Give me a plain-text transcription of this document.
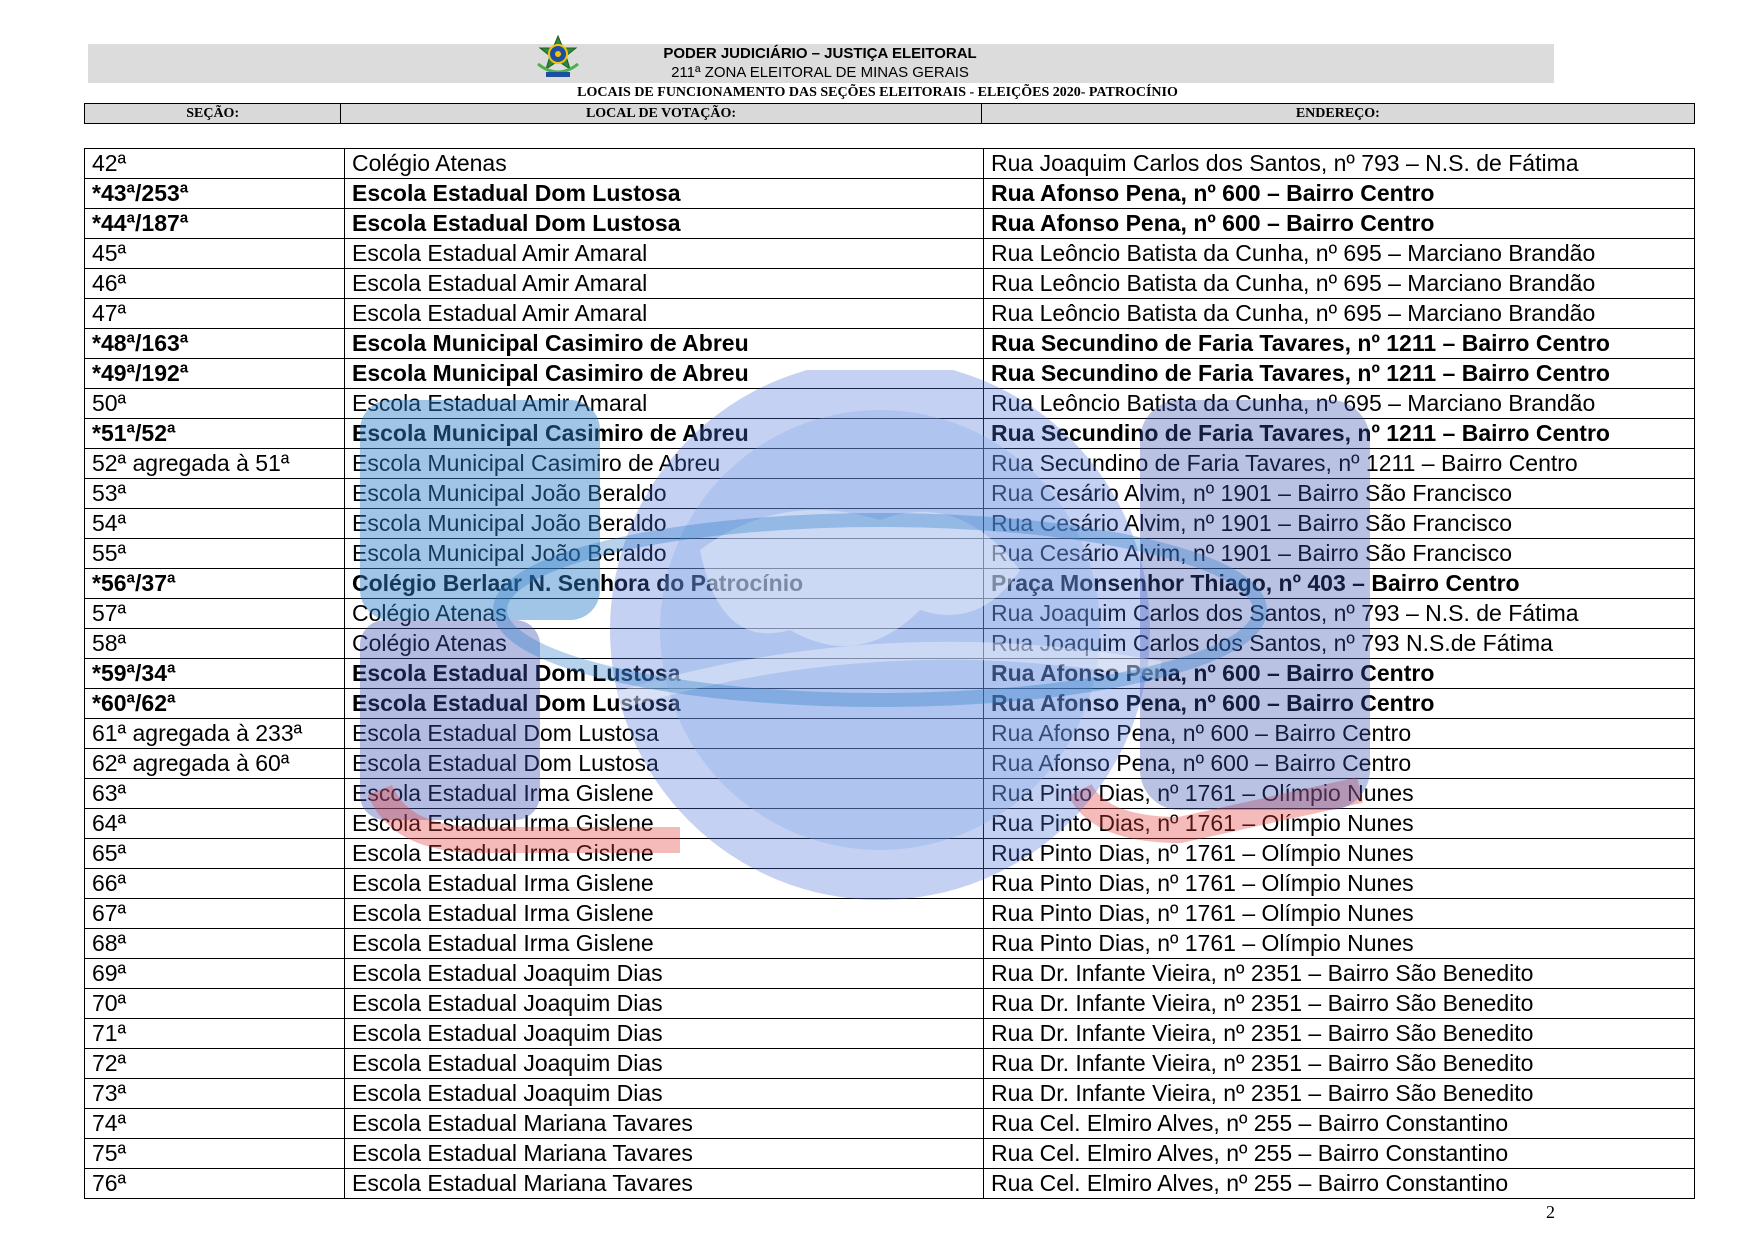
PODER JUDICIÁRIO – JUSTIÇA ELEITORAL
211ª ZONA ELEITORAL DE MINAS GERAIS
LOCAIS DE FUNCIONAMENTO DAS SEÇÕES ELEITORAIS - ELEIÇÕES 2020- PATROCÍNIO
SEÇÃO:	LOCAL DE VOTAÇÃO:	ENDEREÇO:
42ª	Colégio Atenas	Rua Joaquim Carlos dos Santos, nº 793 – N.S. de Fátima
*43ª/253ª	Escola Estadual Dom Lustosa	Rua Afonso Pena, nº 600 – Bairro Centro
*44ª/187ª	Escola Estadual Dom Lustosa	Rua Afonso Pena, nº 600 – Bairro Centro
45ª	Escola Estadual Amir Amaral	Rua Leôncio Batista da Cunha, nº 695 – Marciano Brandão
46ª	Escola Estadual Amir Amaral	Rua Leôncio Batista da Cunha, nº 695 – Marciano Brandão
47ª	Escola Estadual Amir Amaral	Rua Leôncio Batista da Cunha, nº 695 – Marciano Brandão
*48ª/163ª	Escola Municipal Casimiro de Abreu	Rua Secundino de Faria Tavares, nº 1211 – Bairro Centro
*49ª/192ª	Escola Municipal Casimiro de Abreu	Rua Secundino de Faria Tavares, nº 1211 – Bairro Centro
50ª	Escola Estadual Amir Amaral	Rua Leôncio Batista da Cunha, nº 695 – Marciano Brandão
*51ª/52ª	Escola Municipal Casimiro de Abreu	Rua Secundino de Faria Tavares, nº 1211 – Bairro Centro
52ª agregada à 51ª	Escola Municipal Casimiro de Abreu	Rua Secundino de Faria Tavares, nº 1211 – Bairro Centro
53ª	Escola Municipal João Beraldo	Rua Cesário Alvim, nº 1901 – Bairro São Francisco
54ª	Escola Municipal João Beraldo	Rua Cesário Alvim, nº 1901 – Bairro São Francisco
55ª	Escola Municipal João Beraldo	Rua Cesário Alvim, nº 1901 – Bairro São Francisco
*56ª/37ª	Colégio Berlaar N. Senhora do Patrocínio	Praça Monsenhor Thiago, nº 403 – Bairro Centro
57ª	Colégio Atenas	Rua Joaquim Carlos dos Santos, nº 793 – N.S. de Fátima
58ª	Colégio Atenas	Rua Joaquim Carlos dos Santos, nº 793 N.S.de Fátima
*59ª/34ª	Escola Estadual Dom Lustosa	Rua Afonso Pena, nº 600 – Bairro Centro
*60ª/62ª	Escola Estadual Dom Lustosa	Rua Afonso Pena, nº 600 – Bairro Centro
61ª agregada à 233ª	Escola Estadual Dom Lustosa	Rua Afonso Pena, nº 600 – Bairro Centro
62ª agregada à 60ª	Escola Estadual Dom Lustosa	Rua Afonso Pena, nº 600 – Bairro Centro
63ª	Escola Estadual Irma Gislene	Rua Pinto Dias, nº 1761 – Olímpio Nunes
64ª	Escola Estadual Irma Gislene	Rua Pinto Dias, nº 1761 – Olímpio Nunes
65ª	Escola Estadual Irma Gislene	Rua Pinto Dias, nº 1761 – Olímpio Nunes
66ª	Escola Estadual Irma Gislene	Rua Pinto Dias, nº 1761 – Olímpio Nunes
67ª	Escola Estadual Irma Gislene	Rua Pinto Dias, nº 1761 – Olímpio Nunes
68ª	Escola Estadual Irma Gislene	Rua Pinto Dias, nº 1761 – Olímpio Nunes
69ª	Escola Estadual Joaquim Dias	Rua Dr. Infante Vieira, nº 2351 – Bairro São Benedito
70ª	Escola Estadual Joaquim Dias	Rua Dr. Infante Vieira, nº 2351 – Bairro São Benedito
71ª	Escola Estadual Joaquim Dias	Rua Dr. Infante Vieira, nº 2351 – Bairro São Benedito
72ª	Escola Estadual Joaquim Dias	Rua Dr. Infante Vieira, nº 2351 – Bairro São Benedito
73ª	Escola Estadual Joaquim Dias	Rua Dr. Infante Vieira, nº 2351 – Bairro São Benedito
74ª	Escola Estadual Mariana Tavares	Rua Cel. Elmiro Alves, nº 255 – Bairro Constantino
75ª	Escola Estadual Mariana Tavares	Rua Cel. Elmiro Alves, nº 255 – Bairro Constantino
76ª	Escola Estadual Mariana Tavares	Rua Cel. Elmiro Alves, nº 255 – Bairro Constantino
2
